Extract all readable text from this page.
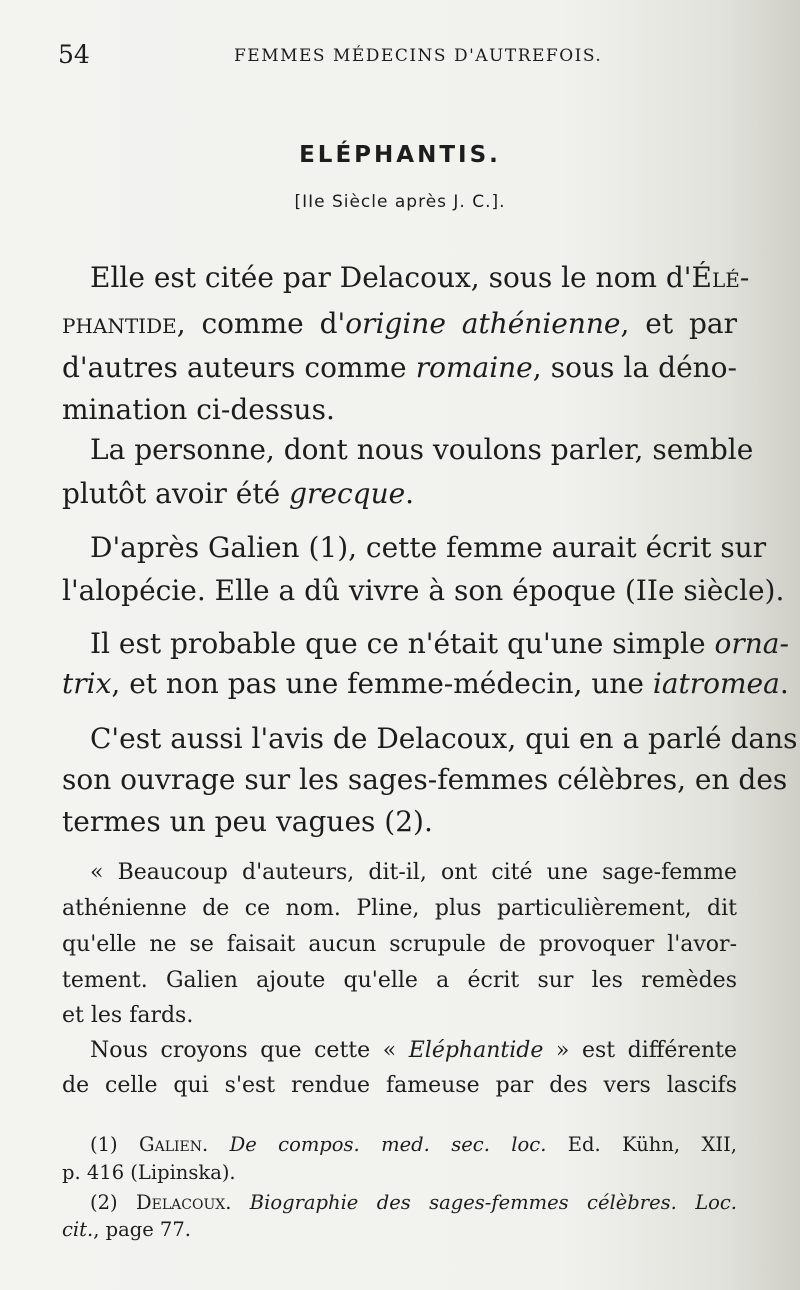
54	FEMMES MÉDECINS D'AUTREFOIS.
ELÉPHANTIS.
[IIe Siècle après J. C.].
Elle est citée par Delacoux, sous le nom d'Élé-
phantide, comme d'origine athénienne, et par
d'autres auteurs comme romaine, sous la déno-
mination ci-dessus.
La personne, dont nous voulons parler, semble
plutôt avoir été grecque.
D'après Galien (1), cette femme aurait écrit sur
l'alopécie. Elle a dû vivre à son époque (IIe siècle).
Il est probable que ce n'était qu'une simple orna-
trix, et non pas une femme-médecin, une iatromea.
C'est aussi l'avis de Delacoux, qui en a parlé dans
son ouvrage sur les sages-femmes célèbres, en des
termes un peu vagues (2).
« Beaucoup d'auteurs, dit-il, ont cité une sage-femme
athénienne de ce nom. Pline, plus particulièrement, dit
qu'elle ne se faisait aucun scrupule de provoquer l'avor-
tement. Galien ajoute qu'elle a écrit sur les remèdes
et les fards.
Nous croyons que cette « Eléphantide » est différente
de celle qui s'est rendue fameuse par des vers lascifs
(1) Galien. De compos. med. sec. loc. Ed. Kühn, XII,
p. 416 (Lipinska).
(2) Delacoux. Biographie des sages-femmes célèbres. Loc.
cit., page 77.
